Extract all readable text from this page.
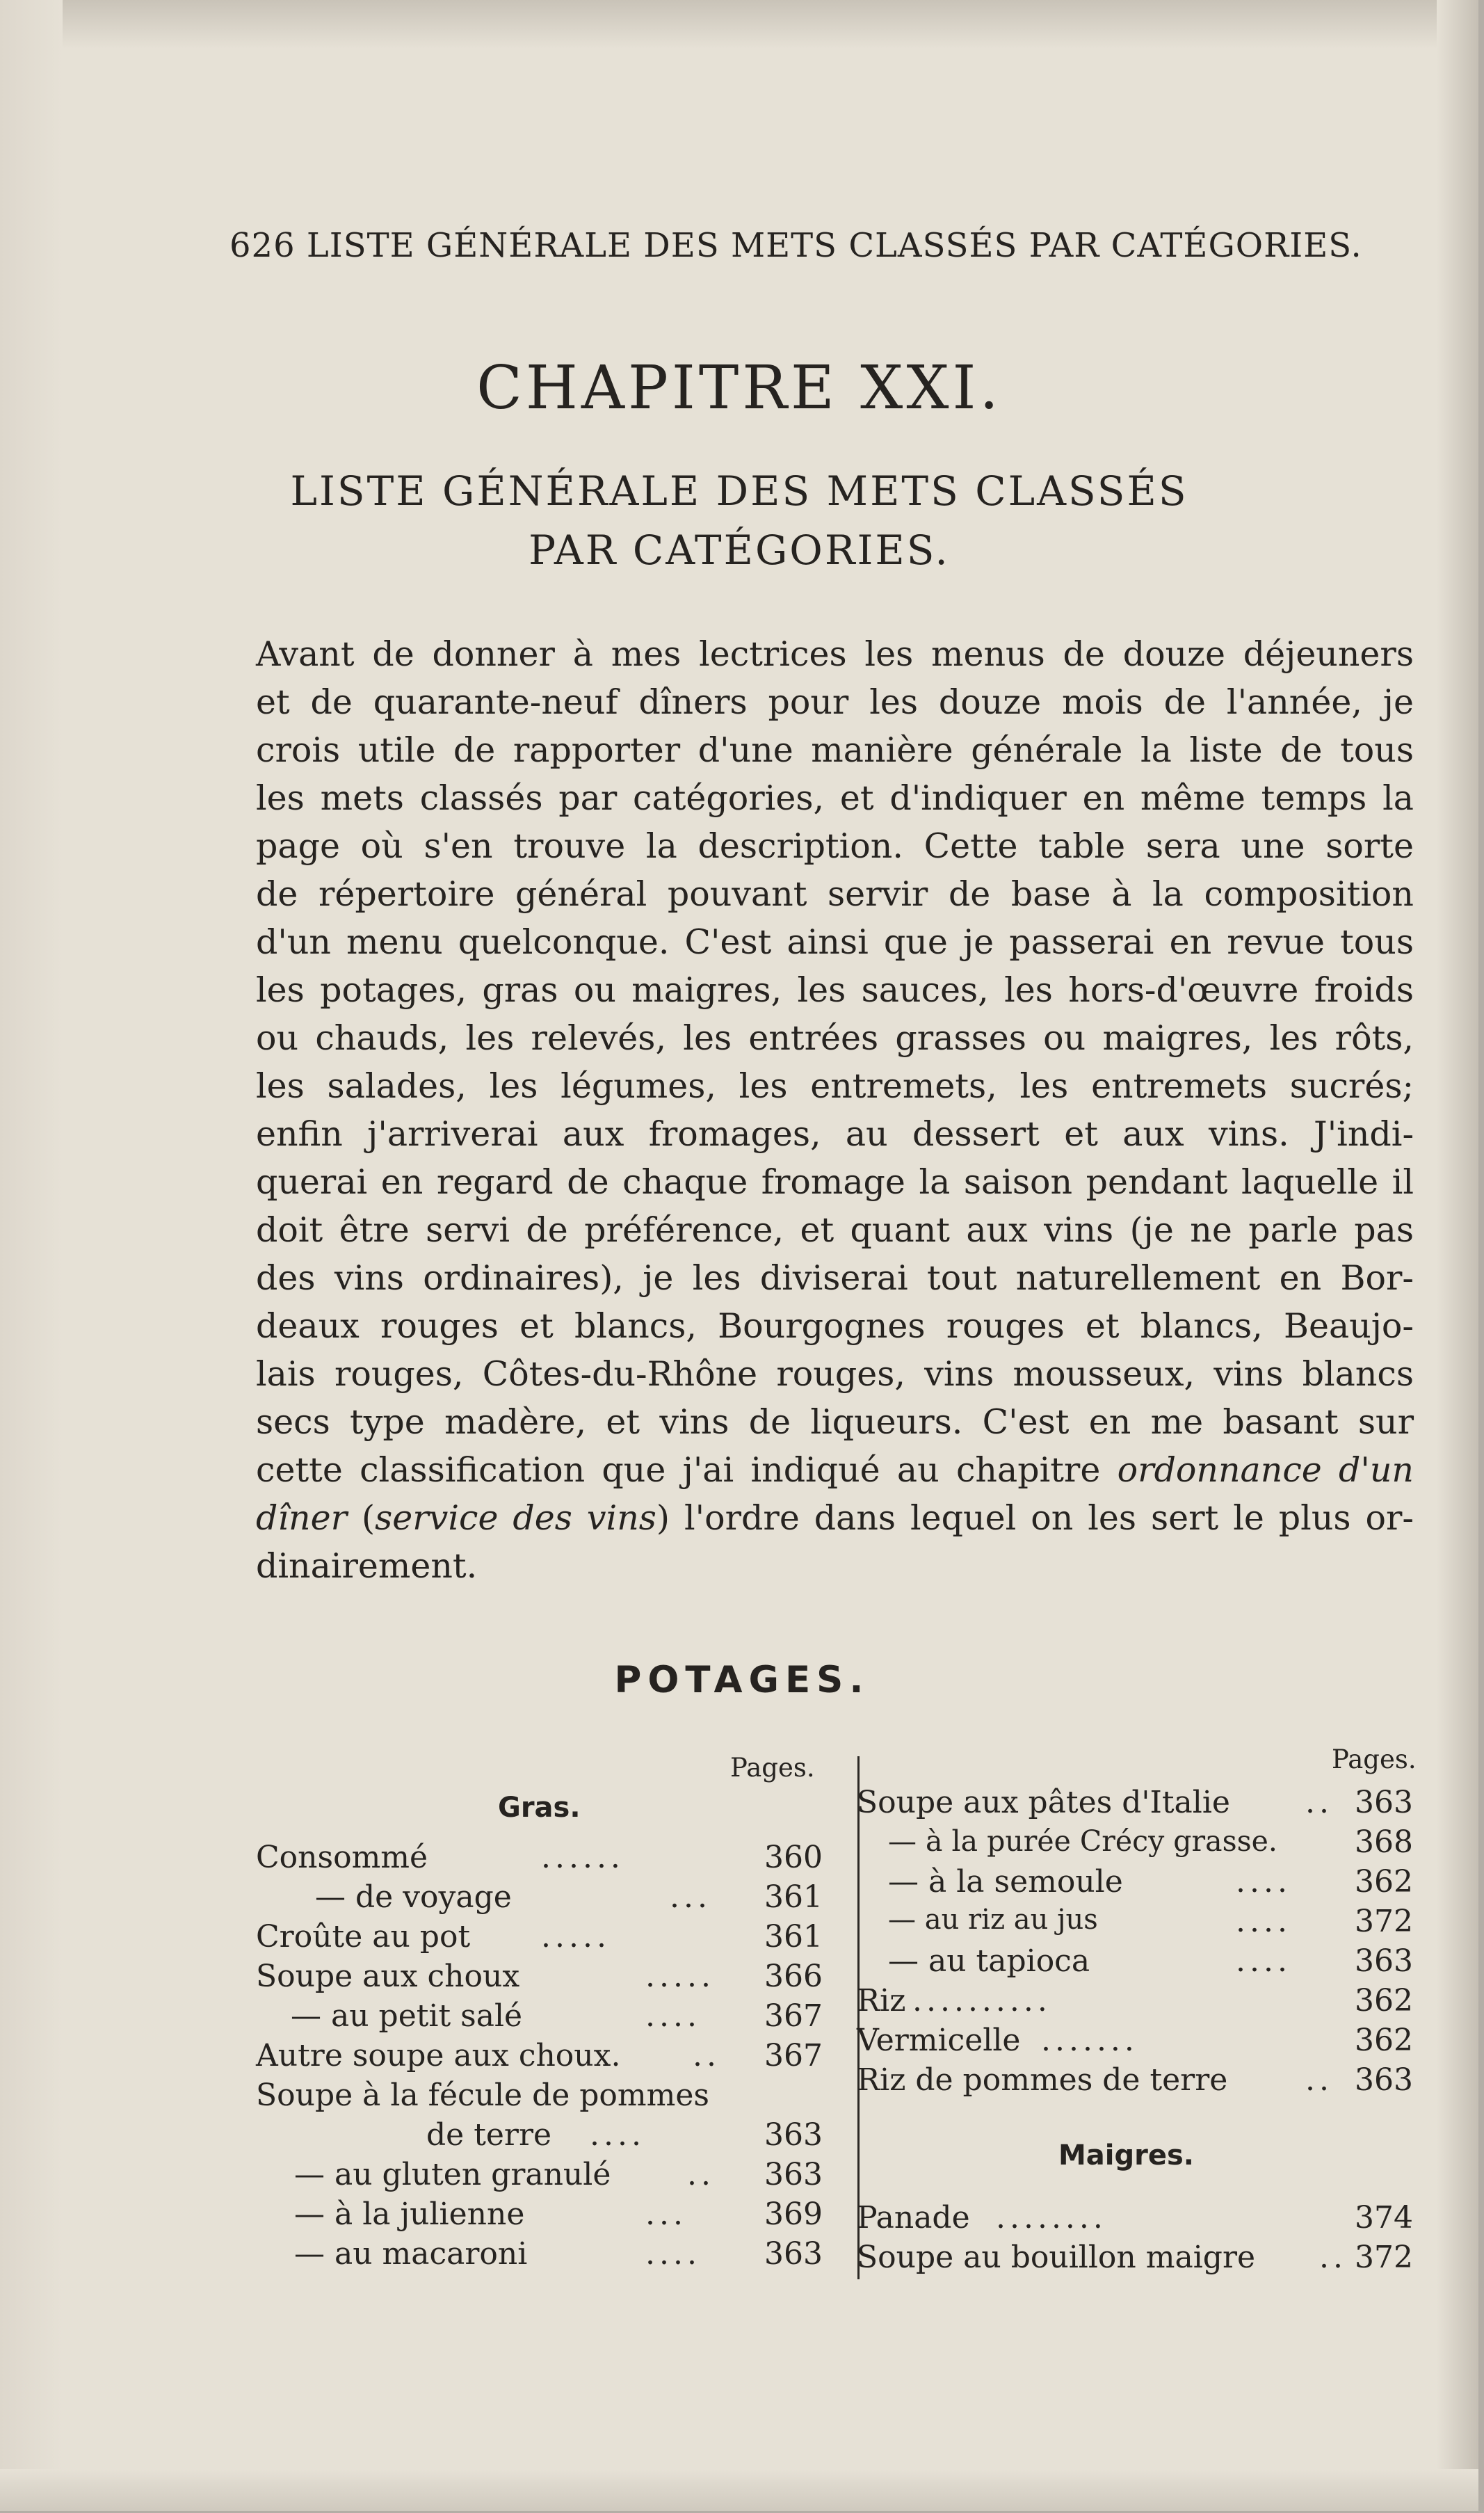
626 LISTE GÉNÉRALE DES METS CLASSÉS PAR CATÉGORIES.
CHAPITRE XXI.
LISTE GÉNÉRALE DES METS CLASSÉS
PAR CATÉGORIES.
Avant de donner à mes lectrices les menus de douze déjeuners
et de quarante-neuf dîners pour les douze mois de l'année, je
crois utile de rapporter d'une manière générale la liste de tous
les mets classés par catégories, et d'indiquer en même temps la
page où s'en trouve la description. Cette table sera une sorte
de répertoire général pouvant servir de base à la composition
d'un menu quelconque. C'est ainsi que je passerai en revue tous
les potages, gras ou maigres, les sauces, les hors-d'œuvre froids
ou chauds, les relevés, les entrées grasses ou maigres, les rôts,
les salades, les légumes, les entremets, les entremets sucrés;
enfin j'arriverai aux fromages, au dessert et aux vins. J'indi-
querai en regard de chaque fromage la saison pendant laquelle il
doit être servi de préférence, et quant aux vins (je ne parle pas
des vins ordinaires), je les diviserai tout naturellement en Bor-
deaux rouges et blancs, Bourgognes rouges et blancs, Beaujo-
lais rouges, Côtes-du-Rhône rouges, vins mousseux, vins blancs
secs type madère, et vins de liqueurs. C'est en me basant sur
cette classification que j'ai indiqué au chapitre ordonnance d'un
dîner (service des vins) l'ordre dans lequel on les sert le plus or-
dinairement.
POTAGES.
Pages.
Gras.
Consommé	......	360
— de voyage	... 361
Croûte au pot .....	361
Soupe aux choux	..... 366
— au petit salé	.... 367
Autre soupe aux choux. .. 367
Soupe à la fécule de pommes
de terre ....	363
— au gluten granulé .. 363
— à la julienne	...	369
— au macaroni	.... 363
Pages.
Soupe aux pâtes d'Italie .. 363
— à la purée Crécy grasse.	368
— à la semoule	.... 362
— au riz au jus	.... 372
— au tapioca	.... 363
Riz ..........	362
Vermicelle .......	362
Riz de pommes de terre	.. 363
Maigres.
Panade ........	374
Soupe au bouillon maigre .. 372
